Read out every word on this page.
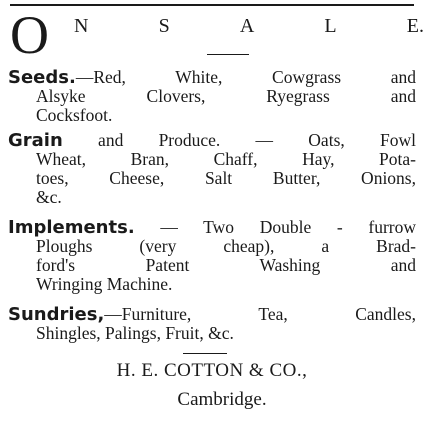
O N	S	A	L	E.
Seeds.—Red, White, Cowgrass and
Alsyke Clovers, Ryegrass and
Cocksfoot.
Grain and Produce. — Oats, Fowl
Wheat, Bran, Chaff, Hay, Pota-
toes, Cheese, Salt Butter, Onions,
&c.
Implements. — Two Double - furrow
Ploughs (very cheap), a Brad-
ford's Patent Washing and
Wringing Machine.
Sundries,—Furniture, Tea, Candles,
Shingles, Palings, Fruit, &c.
H. E. COTTON & CO.,
Cambridge.
